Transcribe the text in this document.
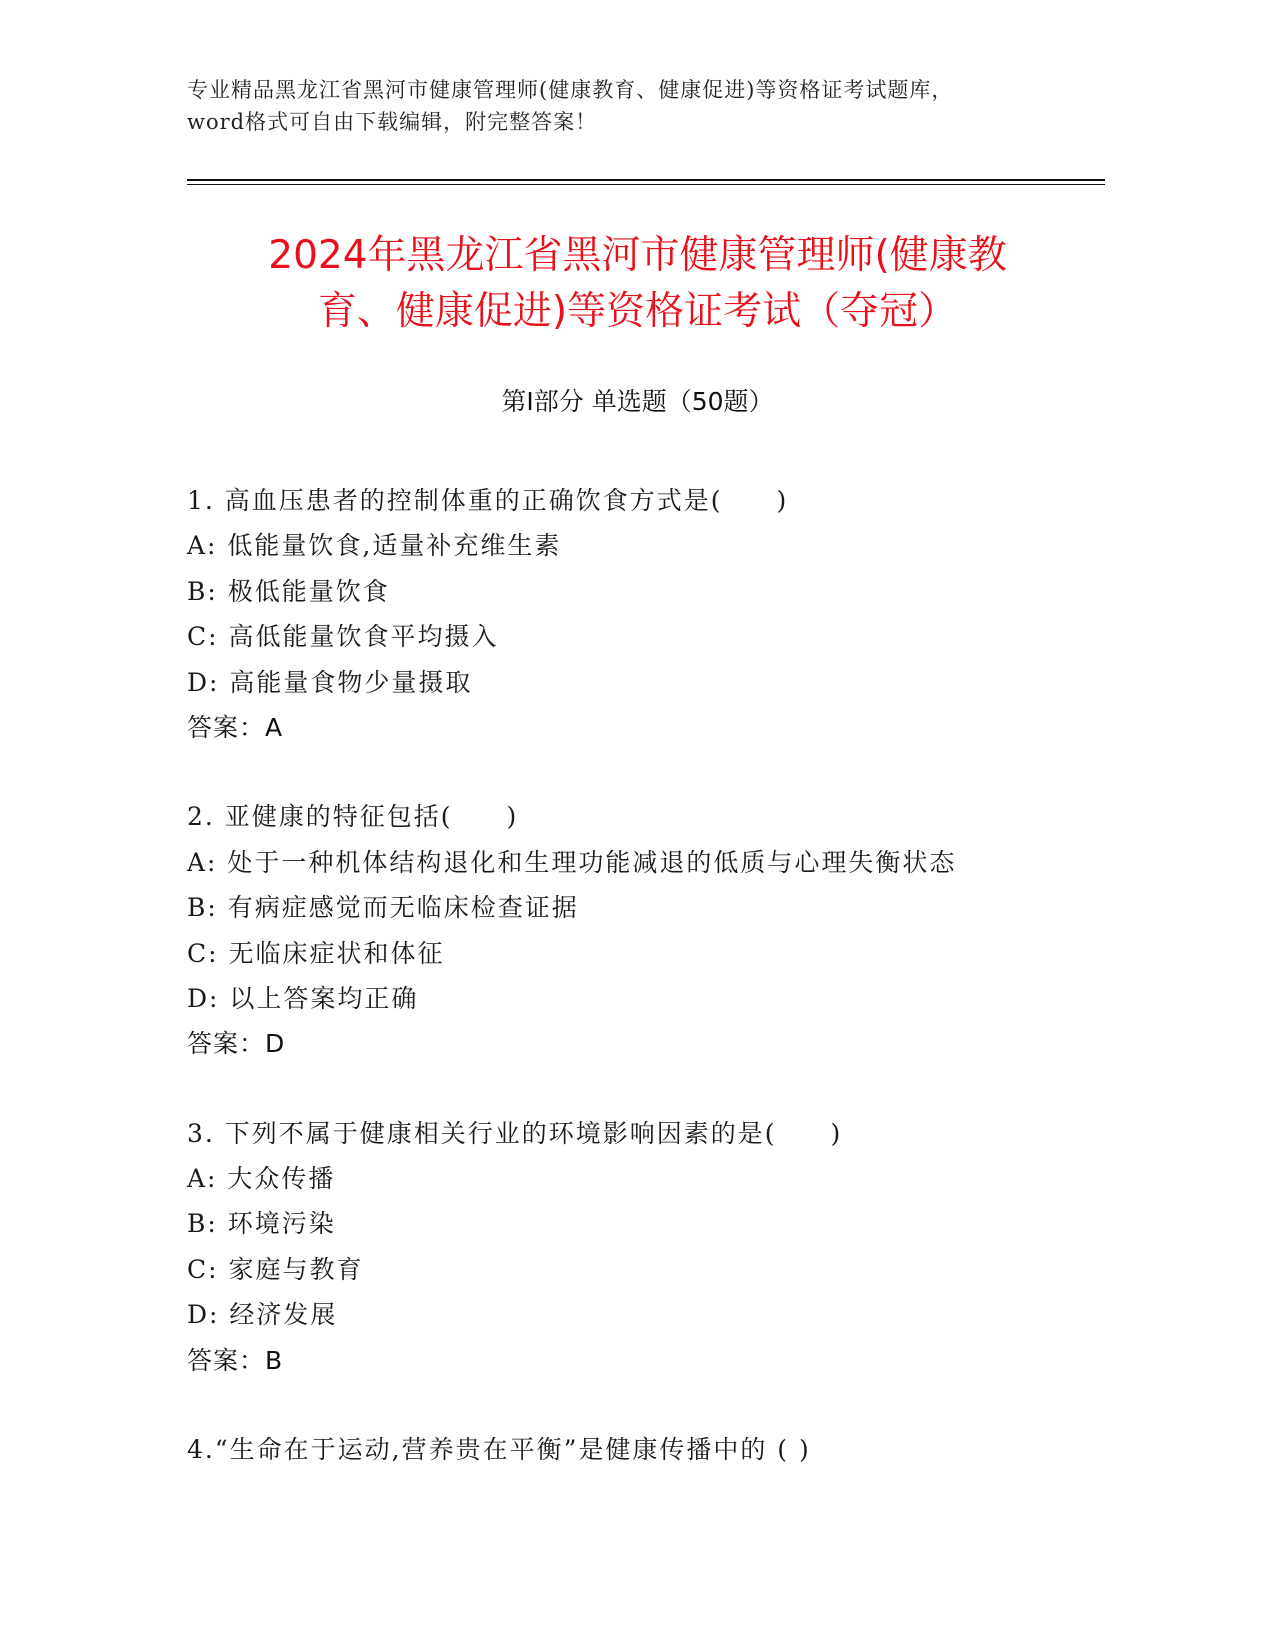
专业精品黑龙江省黑河市健康管理师(健康教育、健康促进)等资格证考试题库，
word格式可自由下载编辑，附完整答案！
2024年黑龙江省黑河市健康管理师(健康教
育、健康促进)等资格证考试（夺冠）
第Ⅰ部分 单选题（50题）
1. 高血压患者的控制体重的正确饮食方式是(　　)
A: 低能量饮食,适量补充维生素
B: 极低能量饮食
C: 高低能量饮食平均摄入
D: 高能量食物少量摄取
答案：A
2. 亚健康的特征包括(　　)
A: 处于一种机体结构退化和生理功能减退的低质与心理失衡状态
B: 有病症感觉而无临床检查证据
C: 无临床症状和体征
D: 以上答案均正确
答案：D
3. 下列不属于健康相关行业的环境影响因素的是(　　)
A: 大众传播
B: 环境污染
C: 家庭与教育
D: 经济发展
答案：B
4.“生命在于运动,营养贵在平衡”是健康传播中的 ( )
